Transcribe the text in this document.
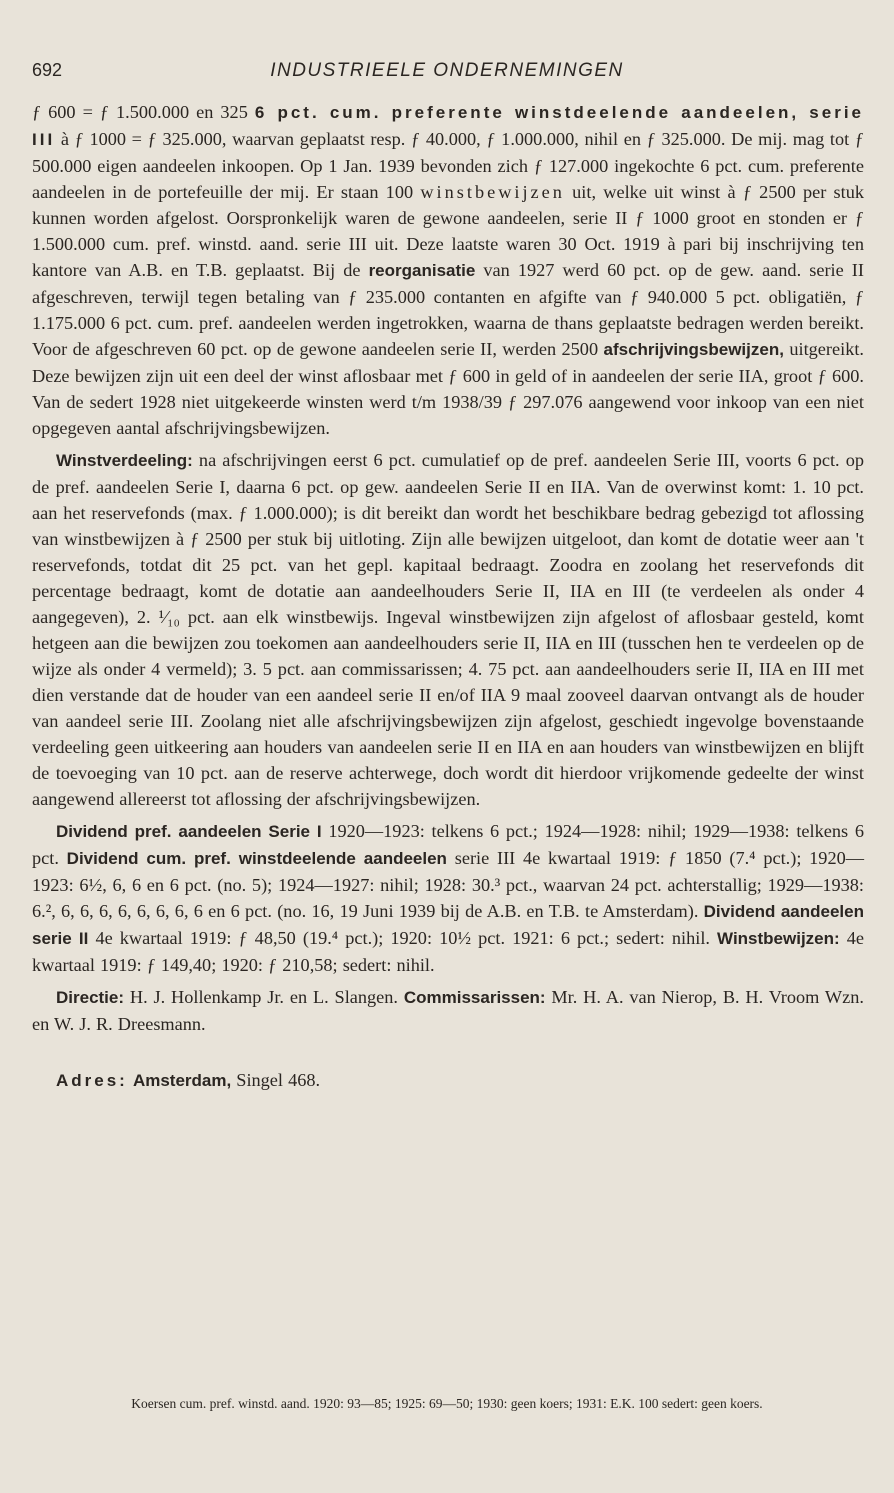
692	INDUSTRIEELE ONDERNEMINGEN

ƒ 600 = ƒ 1.500.000 en 325 6 pct. cum. preferente winstdeelende aandeelen, serie III à ƒ 1000 = ƒ 325.000, waarvan geplaatst resp. ƒ 40.000, ƒ 1.000.000, nihil en ƒ 325.000. De mij. mag tot ƒ 500.000 eigen aandeelen inkoopen. Op 1 Jan. 1939 bevonden zich ƒ 127.000 ingekochte 6 pct. cum. preferente aandeelen in de portefeuille der mij. Er staan 100 winstbewijzen uit, welke uit winst à ƒ 2500 per stuk kunnen worden afgelost. Oorspronkelijk waren de gewone aandeelen, serie II ƒ 1000 groot en stonden er ƒ 1.500.000 cum. pref. winstd. aand. serie III uit. Deze laatste waren 30 Oct. 1919 à pari bij inschrijving ten kantore van A.B. en T.B. geplaatst. Bij de reorganisatie van 1927 werd 60 pct. op de gew. aand. serie II afgeschreven, terwijl tegen betaling van ƒ 235.000 contanten en afgifte van ƒ 940.000 5 pct. obligatiën, ƒ 1.175.000 6 pct. cum. pref. aandeelen werden ingetrokken, waarna de thans geplaatste bedragen werden bereikt. Voor de afgeschreven 60 pct. op de gewone aandeelen serie II, werden 2500 afschrijvingsbewijzen, uitgereikt. Deze bewijzen zijn uit een deel der winst aflosbaar met ƒ 600 in geld of in aandeelen der serie IIA, groot ƒ 600. Van de sedert 1928 niet uitgekeerde winsten werd t/m 1938/39 ƒ 297.076 aangewend voor inkoop van een niet opgegeven aantal afschrijvingsbewijzen.

Winstverdeeling: na afschrijvingen eerst 6 pct. cumulatief op de pref. aandeelen Serie III, voorts 6 pct. op de pref. aandeelen Serie I, daarna 6 pct. op gew. aandeelen Serie II en IIA. Van de overwinst komt: 1. 10 pct. aan het reservefonds (max. ƒ 1.000.000); is dit bereikt dan wordt het beschikbare bedrag gebezigd tot aflossing van winstbewijzen à ƒ 2500 per stuk bij uitloting. Zijn alle bewijzen uitgeloot, dan komt de dotatie weer aan 't reservefonds, totdat dit 25 pct. van het gepl. kapitaal bedraagt. Zoodra en zoolang het reservefonds dit percentage bedraagt, komt de dotatie aan aandeelhouders Serie II, IIA en III (te verdeelen als onder 4 aangegeven), 2. ¹⁄₁₀ pct. aan elk winstbewijs. Ingeval winstbewijzen zijn afgelost of aflosbaar gesteld, komt hetgeen aan die bewijzen zou toekomen aan aandeelhouders serie II, IIA en III (tusschen hen te verdeelen op de wijze als onder 4 vermeld); 3. 5 pct. aan commissarissen; 4. 75 pct. aan aandeelhouders serie II, IIA en III met dien verstande dat de houder van een aandeel serie II en/of IIA 9 maal zooveel daarvan ontvangt als de houder van aandeel serie III. Zoolang niet alle afschrijvingsbewijzen zijn afgelost, geschiedt ingevolge bovenstaande verdeeling geen uitkeering aan houders van aandeelen serie II en IIA en aan houders van winstbewijzen en blijft de toevoeging van 10 pct. aan de reserve achterwege, doch wordt dit hierdoor vrijkomende gedeelte der winst aangewend allereerst tot aflossing der afschrijvingsbewijzen.

Dividend pref. aandeelen Serie I 1920—1923: telkens 6 pct.; 1924—1928: nihil; 1929—1938: telkens 6 pct. Dividend cum. pref. winstdeelende aandeelen serie III 4e kwartaal 1919: ƒ 1850 (7.⁴ pct.); 1920—1923: 6½, 6, 6 en 6 pct. (no. 5); 1924—1927: nihil; 1928: 30.³ pct., waarvan 24 pct. achterstallig; 1929—1938: 6.², 6, 6, 6, 6, 6, 6, 6, 6 en 6 pct. (no. 16, 19 Juni 1939 bij de A.B. en T.B. te Amsterdam). Dividend aandeelen serie II 4e kwartaal 1919: ƒ 48,50 (19.⁴ pct.); 1920: 10½ pct. 1921: 6 pct.; sedert: nihil. Winstbewijzen: 4e kwartaal 1919: ƒ 149,40; 1920: ƒ 210,58; sedert: nihil.

Directie: H. J. Hollenkamp Jr. en L. Slangen. Commissarissen: Mr. H. A. van Nierop, B. H. Vroom Wzn. en W. J. R. Dreesmann.

Adres: Amsterdam, Singel 468.

Koersen cum. pref. winstd. aand. 1920: 93—85; 1925: 69—50; 1930: geen koers; 1931: E.K. 100 sedert: geen koers.
